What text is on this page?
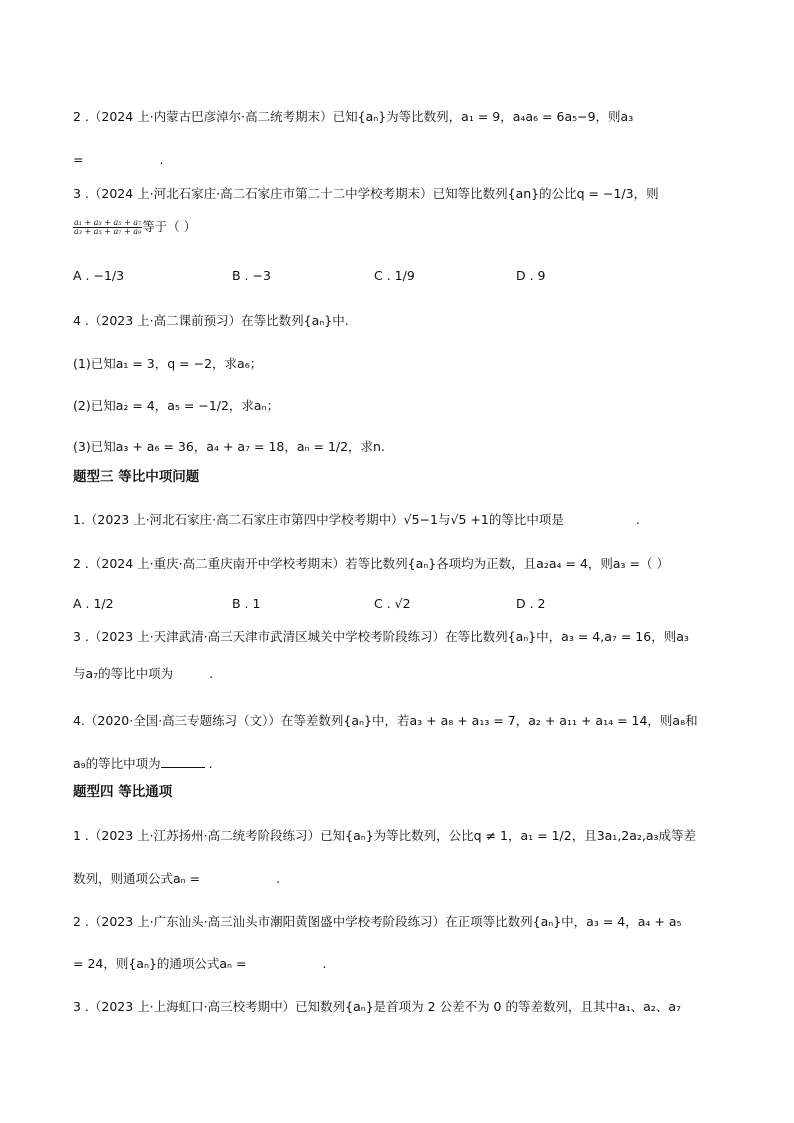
2 .（2024 上·内蒙古巴彦淖尔·高二统考期末）已知{aₙ}为等比数列，a₁ = 9，a₄a₆ = 6a₅−9，则a₃
=	.
3 .（2024 上·河北石家庄·高二石家庄市第二十二中学校考期末）已知等比数列{an}的公比q = −1/3，则
$\frac{\text{a₁ + a₃ + a₅ + a₇}}{\text{a₃ + a₅ + a₇ + a₉}}$ 等于（ ）
A . −1/3	B . −3	C . 1/9	D . 9
4 .（2023 上·高二课前预习）在等比数列{aₙ}中.
(1)已知a₁ = 3，q = −2，求a₆；
(2)已知a₂ = 4，a₅ = −1/2，求aₙ；
(3)已知a₃ + a₆ = 36，a₄ + a₇ = 18，aₙ = 1/2，求n.
题型三 等比中项问题
1.（2023 上·河北石家庄·高二石家庄市第四中学校考期中）√5−1与√5 +1的等比中项是	.
2 .（2024 上·重庆·高二重庆南开中学校考期末）若等比数列{aₙ}各项均为正数，且a₂a₄ = 4，则a₃ =（ ）
A . 1/2	B . 1	C . √2	D . 2
3 .（2023 上·天津武清·高三天津市武清区城关中学校考阶段练习）在等比数列{aₙ}中，a₃ = 4,a₇ = 16，则a₃
与a₇的等比中项为	.
4.（2020·全国·高三专题练习（文））在等差数列{aₙ}中，若a₃ + a₈ + a₁₃ = 7，a₂ + a₁₁ + a₁₄ = 14，则a₈和
a₉的等比中项为	.
题型四 等比通项
1 .（2023 上·江苏扬州·高二统考阶段练习）已知{aₙ}为等比数列，公比q ≠ 1，a₁ = 1/2，且3a₁,2a₂,a₃成等差
数列，则通项公式aₙ =	.
2 .（2023 上·广东汕头·高三汕头市潮阳黄图盛中学校考阶段练习）在正项等比数列{aₙ}中，a₃ = 4，a₄ + a₅
= 24，则{aₙ}的通项公式aₙ =	.
3 .（2023 上·上海虹口·高三校考期中）已知数列{aₙ}是首项为 2 公差不为 0 的等差数列，且其中a₁、a₂、a₇
